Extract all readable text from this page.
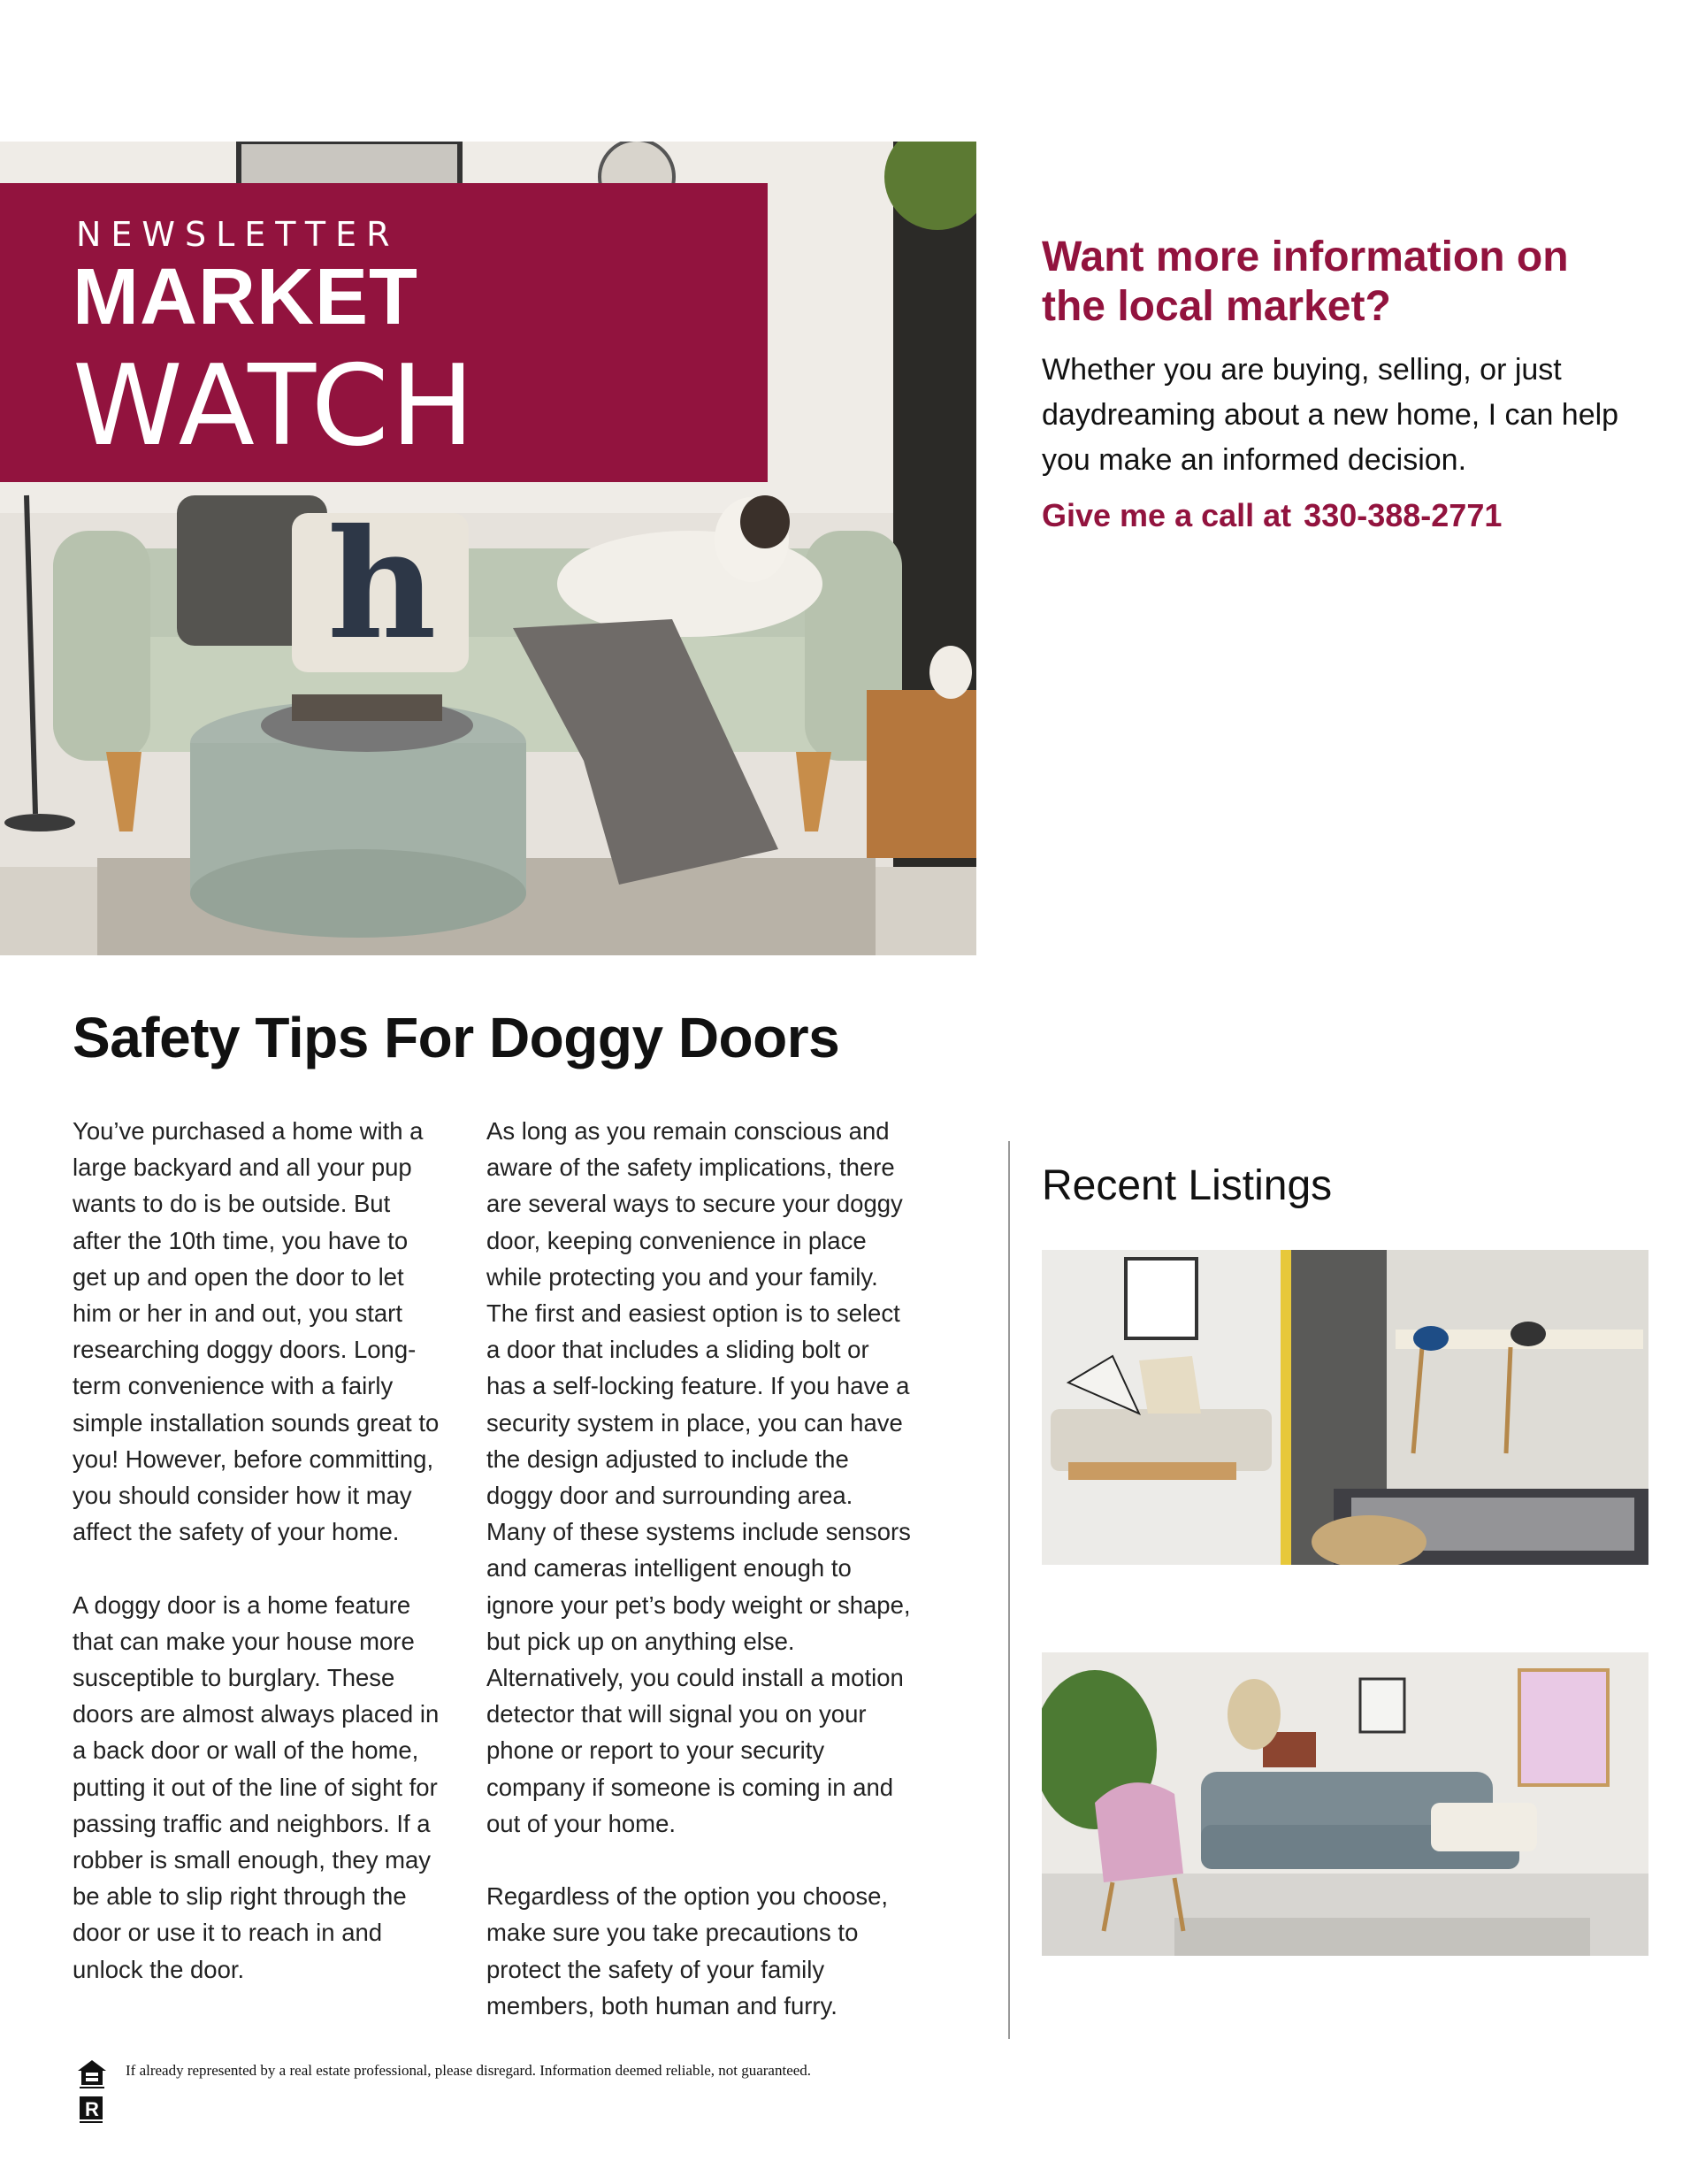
h
NEWSLETTER
MARKET
WATCH
Want more information on the local market?

Whether you are buying, selling, or just daydreaming about a new home, I can help you make an informed decision.

Give me a call at 330-388-2771
Safety Tips For Doggy Doors

You’ve purchased a home with a large backyard and all your pup wants to do is be outside. But after the 10th time, you have to get up and open the door to let him or her in and out, you start researching doggy doors. Long-term convenience with a fairly simple installation sounds great to you! However, before committing, you should consider how it may affect the safety of your home.

A doggy door is a home feature that can make your house more susceptible to burglary. These doors are almost always placed in a back door or wall of the home, putting it out of the line of sight for passing traffic and neighbors. If a robber is small enough, they may be able to slip right through the door or use it to reach in and unlock the door.

As long as you remain conscious and aware of the safety implications, there are several ways to secure your doggy door, keeping convenience in place while protecting you and your family. The first and easiest option is to select a door that includes a sliding bolt or has a self-locking feature. If you have a security system in place, you can have the design adjusted to include the doggy door and surrounding area. Many of these systems include sensors and cameras intelligent enough to ignore your pet’s body weight or shape, but pick up on anything else. Alternatively, you could install a motion detector that will signal you on your phone or report to your security company if someone is coming in and out of your home.

Regardless of the option you choose, make sure you take precautions to protect the safety of your family members, both human and furry.

Recent Listings
R
If already represented by a real estate professional, please disregard. Information deemed reliable, not guaranteed.
